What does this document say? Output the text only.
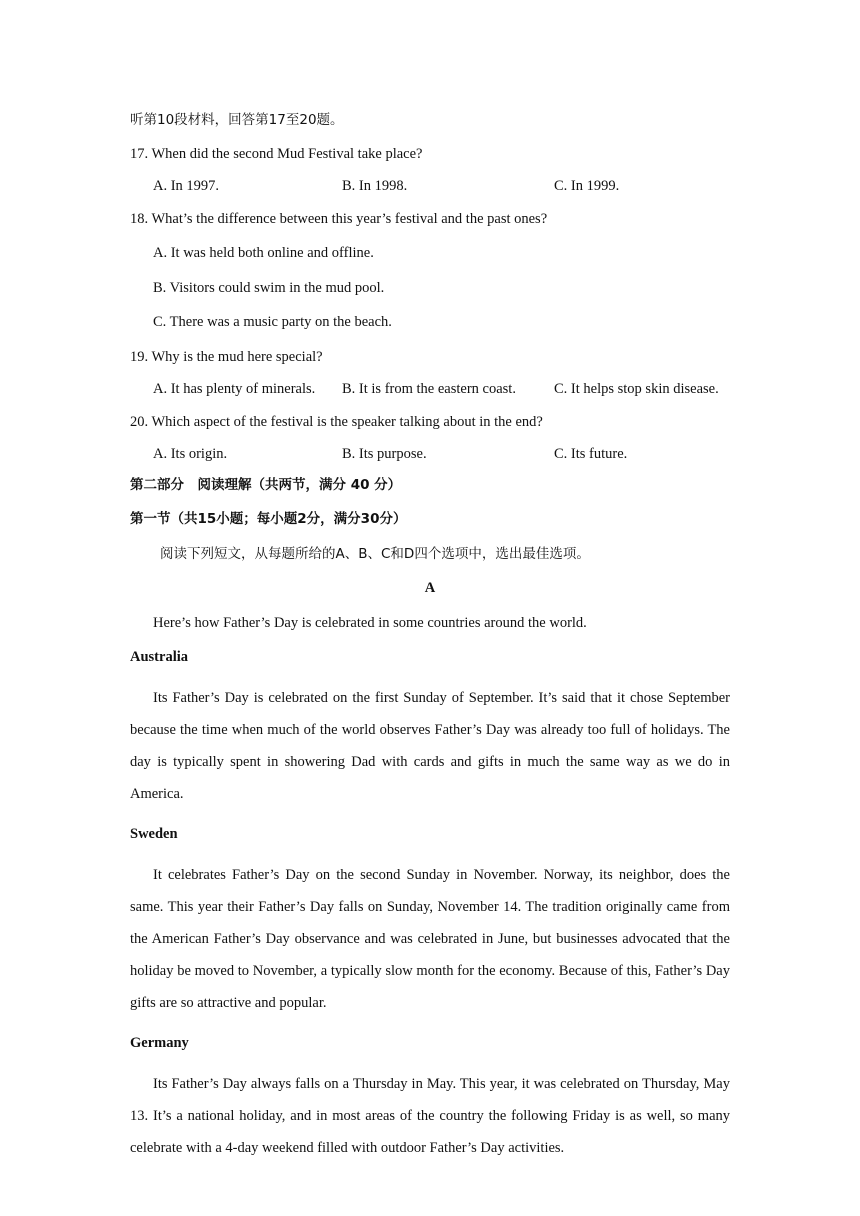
听第10段材料，回答第17至20题。

17. When did the second Mud Festival take place?

A. In 1997.	B. In 1998.	C. In 1999.

18. What’s the difference between this year’s festival and the past ones?

A. It was held both online and offline.

B. Visitors could swim in the mud pool.

C. There was a music party on the beach.

19. Why is the mud here special?

A. It has plenty of minerals.	B. It is from the eastern coast.	C. It helps stop skin disease.

20. Which aspect of the festival is the speaker talking about in the end?

A. Its origin.	B. Its purpose.	C. Its future.

第二部分　阅读理解（共两节，满分 40 分）

第一节（共15小题；每小题2分，满分30分）

阅读下列短文，从每题所给的A、B、C和D四个选项中，选出最佳选项。

A

Here’s how Father’s Day is celebrated in some countries around the world.

Australia

Its Father’s Day is celebrated on the first Sunday of September. It’s said that it chose September because the time when much of the world observes Father’s Day was already too full of holidays. The day is typically spent in showering Dad with cards and gifts in much the same way as we do in America.

Sweden

It celebrates Father’s Day on the second Sunday in November. Norway, its neighbor, does the same. This year their Father’s Day falls on Sunday, November 14. The tradition originally came from the American Father’s Day observance and was celebrated in June, but businesses advocated that the holiday be moved to November, a typically slow month for the economy. Because of this, Father’s Day gifts are so attractive and popular.

Germany

Its Father’s Day always falls on a Thursday in May. This year, it was celebrated on Thursday, May 13. It’s a national holiday, and in most areas of the country the following Friday is as well, so many celebrate with a 4-day weekend filled with outdoor Father’s Day activities.
